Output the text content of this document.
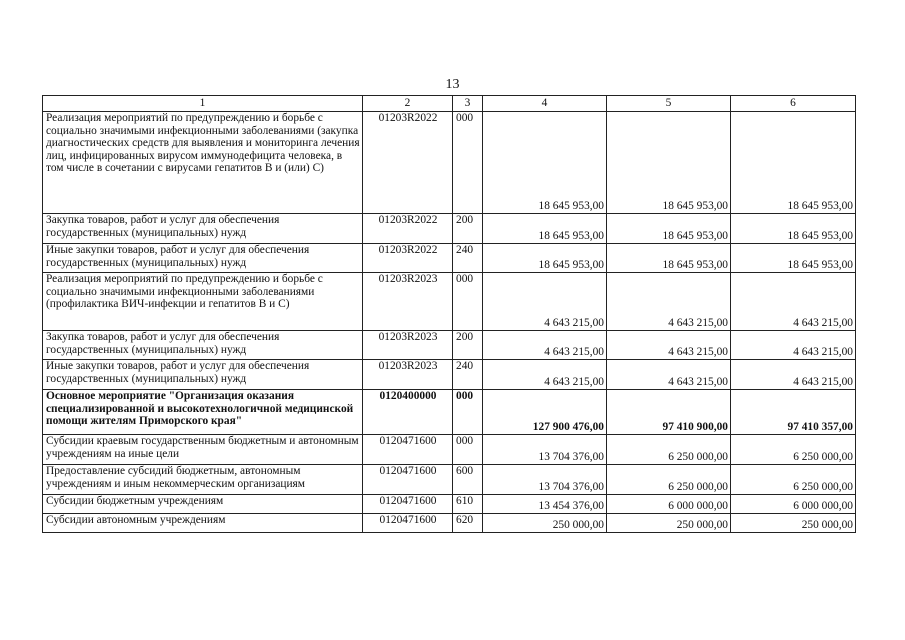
13
1	2	3	4	5	6
Реализация мероприятий по предупреждению и борьбе с социально значимыми инфекционными заболеваниями (закупка диагностических средств для выявления и мониторинга лечения лиц, инфицированных вирусом иммунодефицита человека, в том числе в сочетании с вирусами гепатитов В и (или) С)	01203R2022	000	18 645 953,00	18 645 953,00	18 645 953,00
Закупка товаров, работ и услуг для обеспечения государственных (муниципальных) нужд	01203R2022	200	18 645 953,00	18 645 953,00	18 645 953,00
Иные закупки товаров, работ и услуг для обеспечения государственных (муниципальных) нужд	01203R2022	240	18 645 953,00	18 645 953,00	18 645 953,00
Реализация мероприятий по предупреждению и борьбе с социально значимыми инфекционными заболеваниями (профилактика ВИЧ-инфекции и гепатитов В и С)	01203R2023	000	4 643 215,00	4 643 215,00	4 643 215,00
Закупка товаров, работ и услуг для обеспечения государственных (муниципальных) нужд	01203R2023	200	4 643 215,00	4 643 215,00	4 643 215,00
Иные закупки товаров, работ и услуг для обеспечения государственных (муниципальных) нужд	01203R2023	240	4 643 215,00	4 643 215,00	4 643 215,00
Основное мероприятие "Организация оказания специализированной и высокотехнологичной медицинской помощи жителям Приморского края"	0120400000	000	127 900 476,00	97 410 900,00	97 410 357,00
Субсидии краевым государственным бюджетным и автономным учреждениям на иные цели	0120471600	000	13 704 376,00	6 250 000,00	6 250 000,00
Предоставление субсидий бюджетным, автономным учреждениям и иным некоммерческим организациям	0120471600	600	13 704 376,00	6 250 000,00	6 250 000,00
Субсидии бюджетным учреждениям	0120471600	610	13 454 376,00	6 000 000,00	6 000 000,00
Субсидии автономным учреждениям	0120471600	620	250 000,00	250 000,00	250 000,00
